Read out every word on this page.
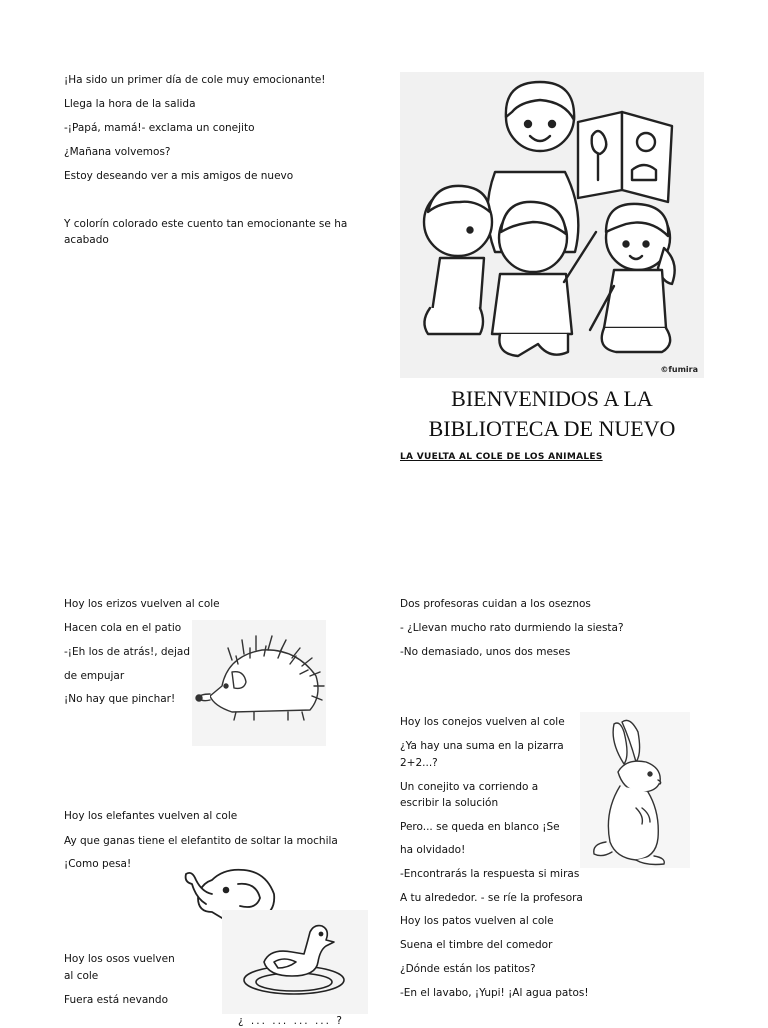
¡Ha sido un primer día de cole muy emocionante!
Llega la hora de la salida
-¡Papá, mamá!- exclama un conejito
¿Mañana volvemos?
Estoy deseando ver a mis amigos de nuevo
Y colorín colorado este cuento tan emocionante se ha acabado
©fumira
BIENVENIDOS A LA
BIBLIOTECA DE NUEVO
LA VUELTA AL COLE DE LOS ANIMALES
Hoy los erizos vuelven al cole
Hacen cola en el patio
-¡Eh los de atrás!, dejad
de empujar
¡No hay que pinchar!
Hoy los elefantes vuelven al cole
Ay que ganas tiene el elefantito de soltar la mochila
¡Como pesa!
Hoy los osos vuelven
al cole
Fuera está nevando
¿ ... ... ... ... ?
Dos profesoras cuidan a los oseznos
- ¿Llevan mucho rato durmiendo la siesta?
-No demasiado, unos dos meses
Hoy los conejos vuelven al cole
¿Ya hay una suma en la pizarra
2+2...?
Un conejito va corriendo a
escribir la solución
Pero... se queda en blanco ¡Se
ha olvidado!
-Encontrarás la respuesta si miras
A tu alrededor. - se ríe la profesora
Hoy los patos vuelven al cole
Suena el timbre del comedor
¿Dónde están los patitos?
-En el lavabo, ¡Yupi! ¡Al agua patos!
